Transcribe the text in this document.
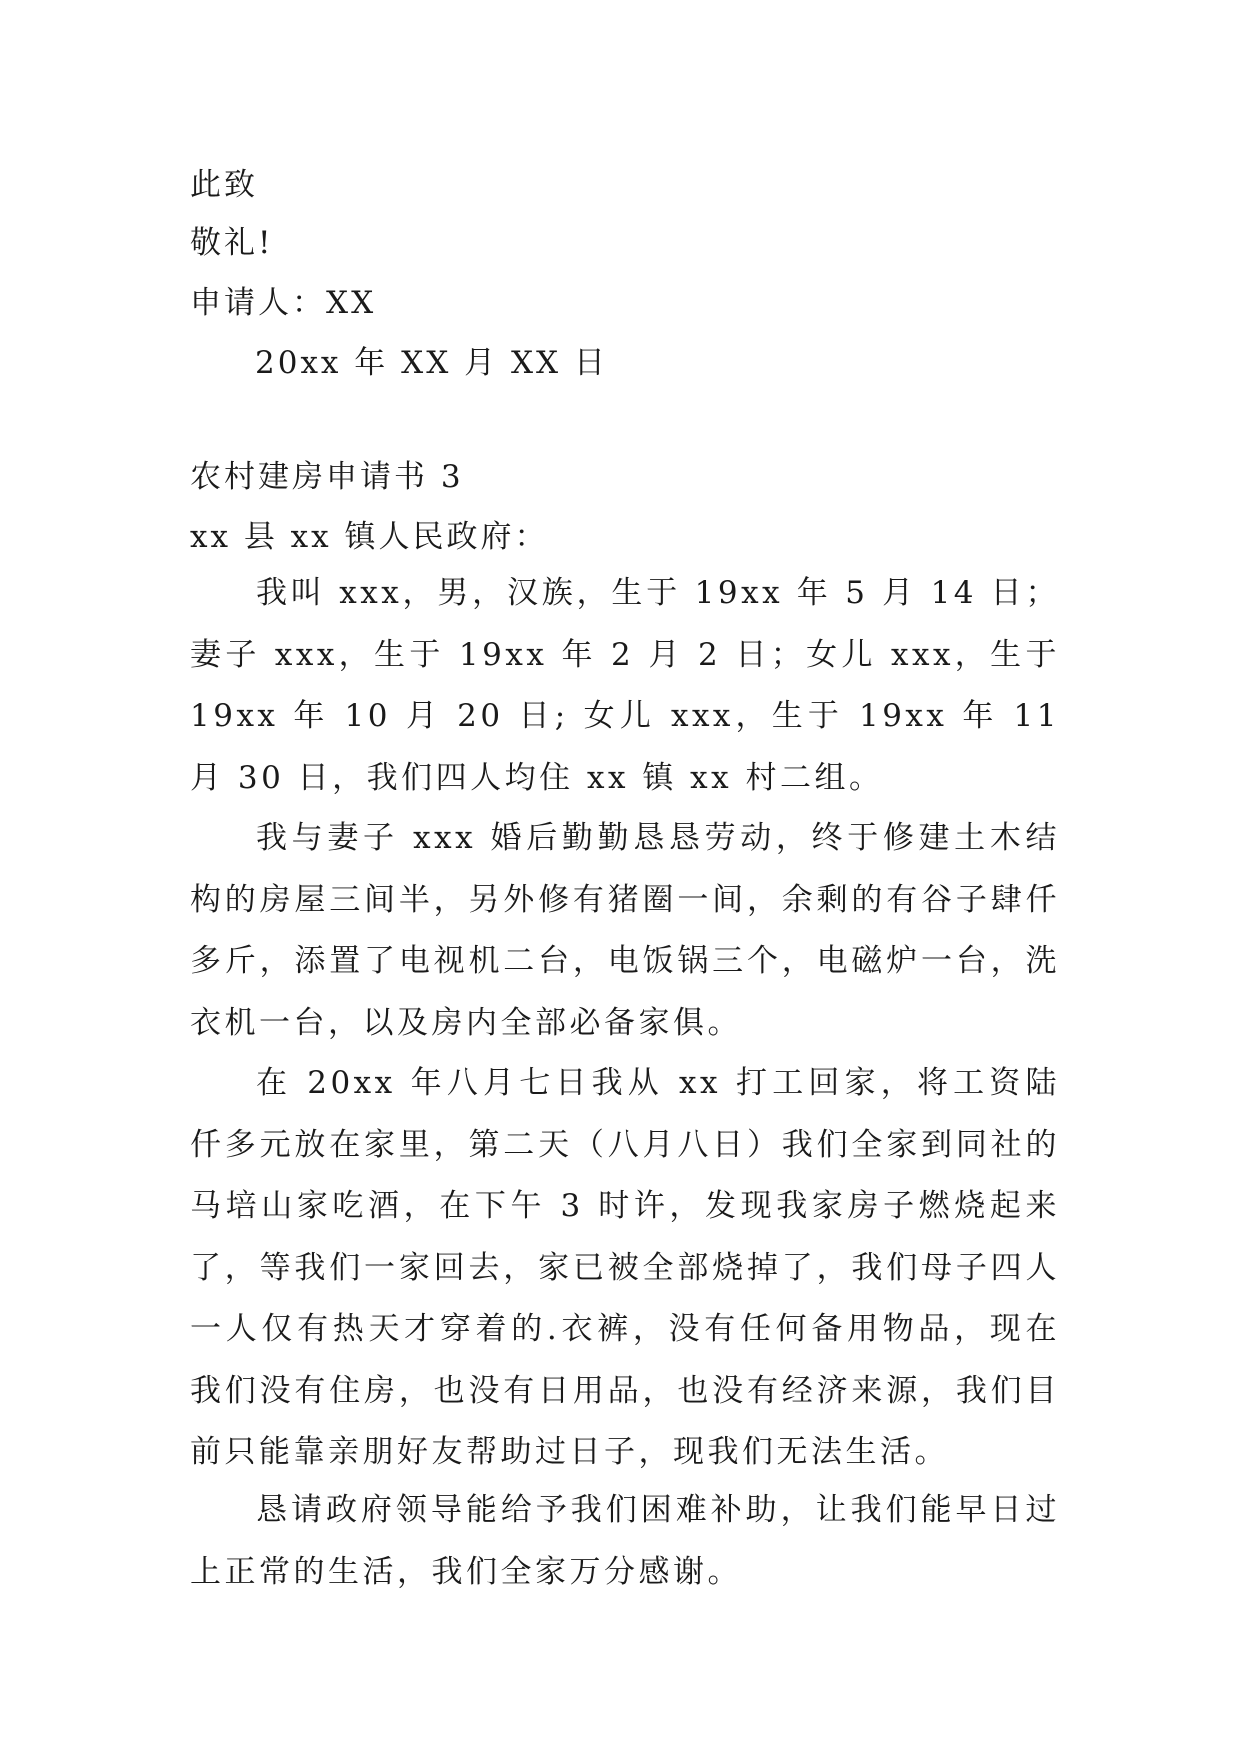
此致
敬礼!
申请人：XX
20xx 年 XX 月 XX 日
农村建房申请书 3
xx 县 xx 镇人民政府：
我叫 xxx，男，汉族，生于 19xx 年 5 月 14 日；妻子 xxx，生于 19xx 年 2 月 2 日；女儿 xxx，生于 19xx 年 10 月 20 日; 女儿 xxx，生于 19xx 年 11 月 30 日，我们四人均住 xx 镇 xx 村二组。
我与妻子 xxx 婚后勤勤恳恳劳动，终于修建土木结构的房屋三间半，另外修有猪圈一间，余剩的有谷子肆仟多斤，添置了电视机二台，电饭锅三个，电磁炉一台，洗衣机一台，以及房内全部必备家俱。
在 20xx 年八月七日我从 xx 打工回家，将工资陆仟多元放在家里，第二天（八月八日）我们全家到同社的马培山家吃酒，在下午 3 时许，发现我家房子燃烧起来了，等我们一家回去，家已被全部烧掉了，我们母子四人一人仅有热天才穿着的.衣裤，没有任何备用物品，现在我们没有住房，也没有日用品，也没有经济来源，我们目前只能靠亲朋好友帮助过日子，现我们无法生活。
恳请政府领导能给予我们困难补助，让我们能早日过上正常的生活，我们全家万分感谢。
